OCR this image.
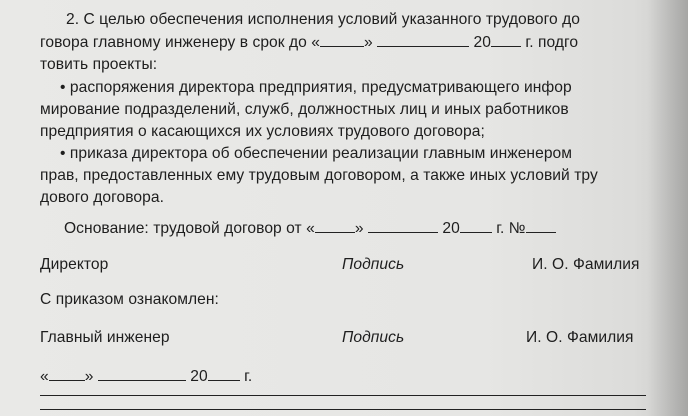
2. С целью обеспечения исполнения условий указанного трудового до
говора главному инженеру в срок до «	»	20 г. подго
товить проекты:
• распоряжения директора предприятия, предусматривающего инфор
мирование подразделений, служб, должностных лиц и иных работников
предприятия о касающихся их условиях трудового договора;
• приказа директора об обеспечении реализации главным инженером
прав, предоставленных ему трудовым договором, а также иных условий тру
дового договора.
Основание: трудовой договор от «	»	20 г. №
Директор	Подпись	И. О. Фамилия
С приказом ознакомлен:
Главный инженер	Подпись	И. О. Фамилия
« »	20 г.
